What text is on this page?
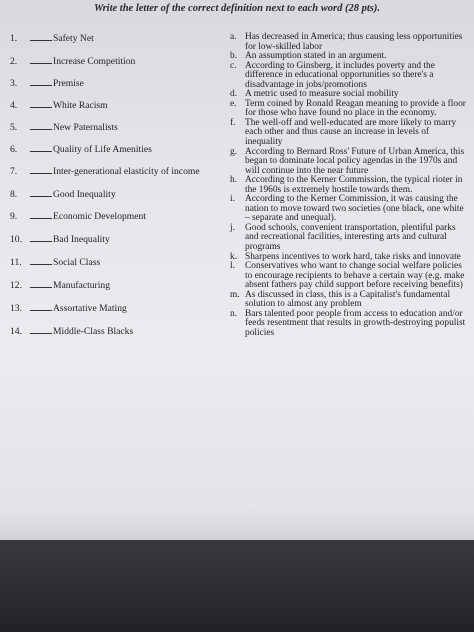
Write the letter of the correct definition next to each word (28 pts).
1.	Safety Net
2.	Increase Competition
3.	Premise
4.	White Racism
5.	New Paternalists
6.	Quality of Life Amenities
7.	Inter-generational elasticity of income
8.	Good Inequality
9.	Economic Development
10.	Bad Inequality
11.	Social Class
12.	Manufacturing
13.	Assortative Mating
14.	Middle-Class Blacks
a. Has decreased in America; thus causing less opportunities for low-skilled labor
b. An assumption stated in an argument.
c. According to Ginsberg, it includes poverty and the difference in educational opportunities so there's a disadvantage in jobs/promotions
d. A metric used to measure social mobility
e. Term coined by Ronald Reagan meaning to provide a floor for those who have found no place in the economy.
f. The well-off and well-educated are more likely to marry each other and thus cause an increase in levels of inequality
g. According to Bernard Ross' Future of Urban America, this began to dominate local policy agendas in the 1970s and will continue into the near future
h. According to the Kerner Commission, the typical rioter in the 1960s is extremely hostile towards them.
i. According to the Kerner Commission, it was causing the nation to move toward two societies (one black, one white – separate and unequal).
j. Good schools, convenient transportation, plentiful parks and recreational facilities, interesting arts and cultural programs
k. Sharpens incentives to work hard, take risks and innovate
l. Conservatives who want to change social welfare policies to encourage recipients to behave a certain way (e.g. make absent fathers pay child support before receiving benefits)
m. As discussed in class, this is a Capitalist's fundamental solution to almost any problem
n. Bars talented poor people from access to education and/or feeds resentment that results in growth-destroying populist policies
